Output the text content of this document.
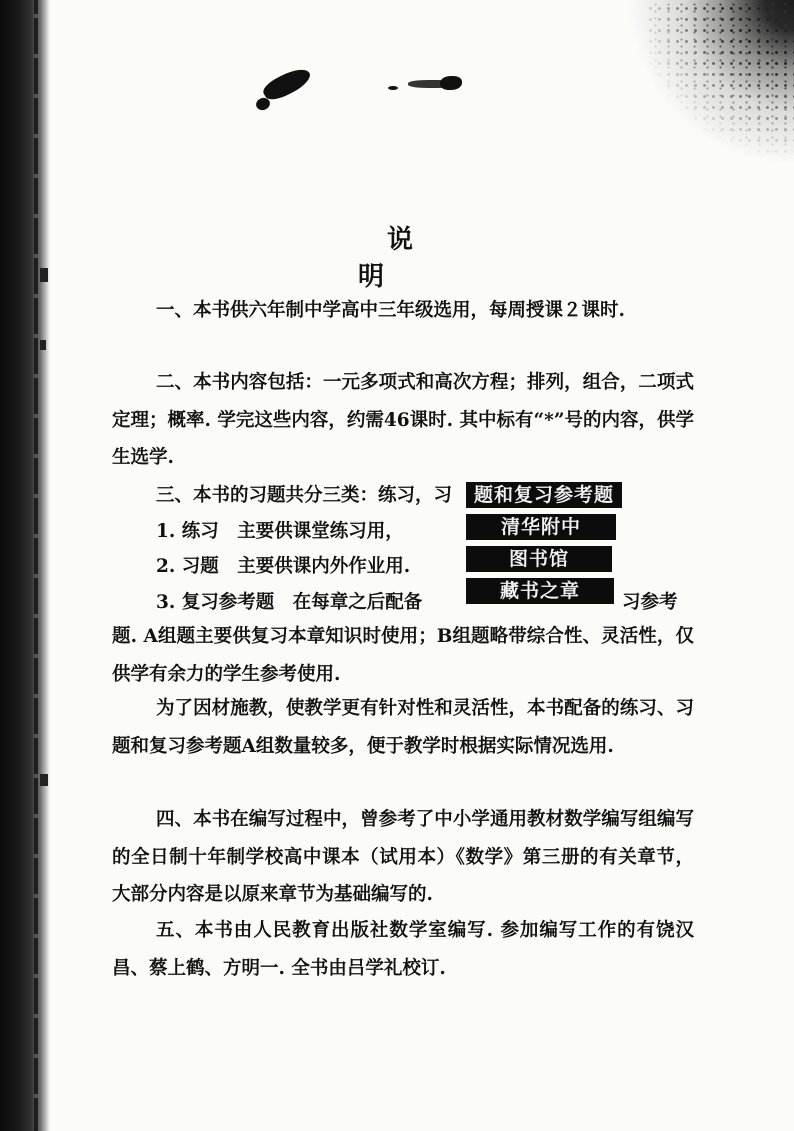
说 明

一、本书供六年制中学高中三年级选用，每周授课２课时.

二、本书内容包括：一元多项式和高次方程；排列，组合，二项式定理；概率. 学完这些内容，约需46课时. 其中标有“*”号的内容，供学生选学.

三、本书的习题共分三类：练习，习
1. 练习　主要供课堂练习用，
2. 习题　主要供课内外作业用.
3. 复习参考题　在每章之后配备	习参考

题. A组题主要供复习本章知识时使用；B组题略带综合性、灵活性，仅供学有余力的学生参考使用.

为了因材施教，使教学更有针对性和灵活性，本书配备的练习、习题和复习参考题A组数量较多，便于教学时根据实际情况选用.

四、本书在编写过程中，曾参考了中小学通用教材数学编写组编写的全日制十年制学校高中课本（试用本）《数学》第三册的有关章节，大部分内容是以原来章节为基础编写的.

五、本书由人民教育出版社数学室编写. 参加编写工作的有饶汉昌、蔡上鹤、方明一. 全书由吕学礼校订.

题和复习参考题
清华附中
图书馆
藏书之章
